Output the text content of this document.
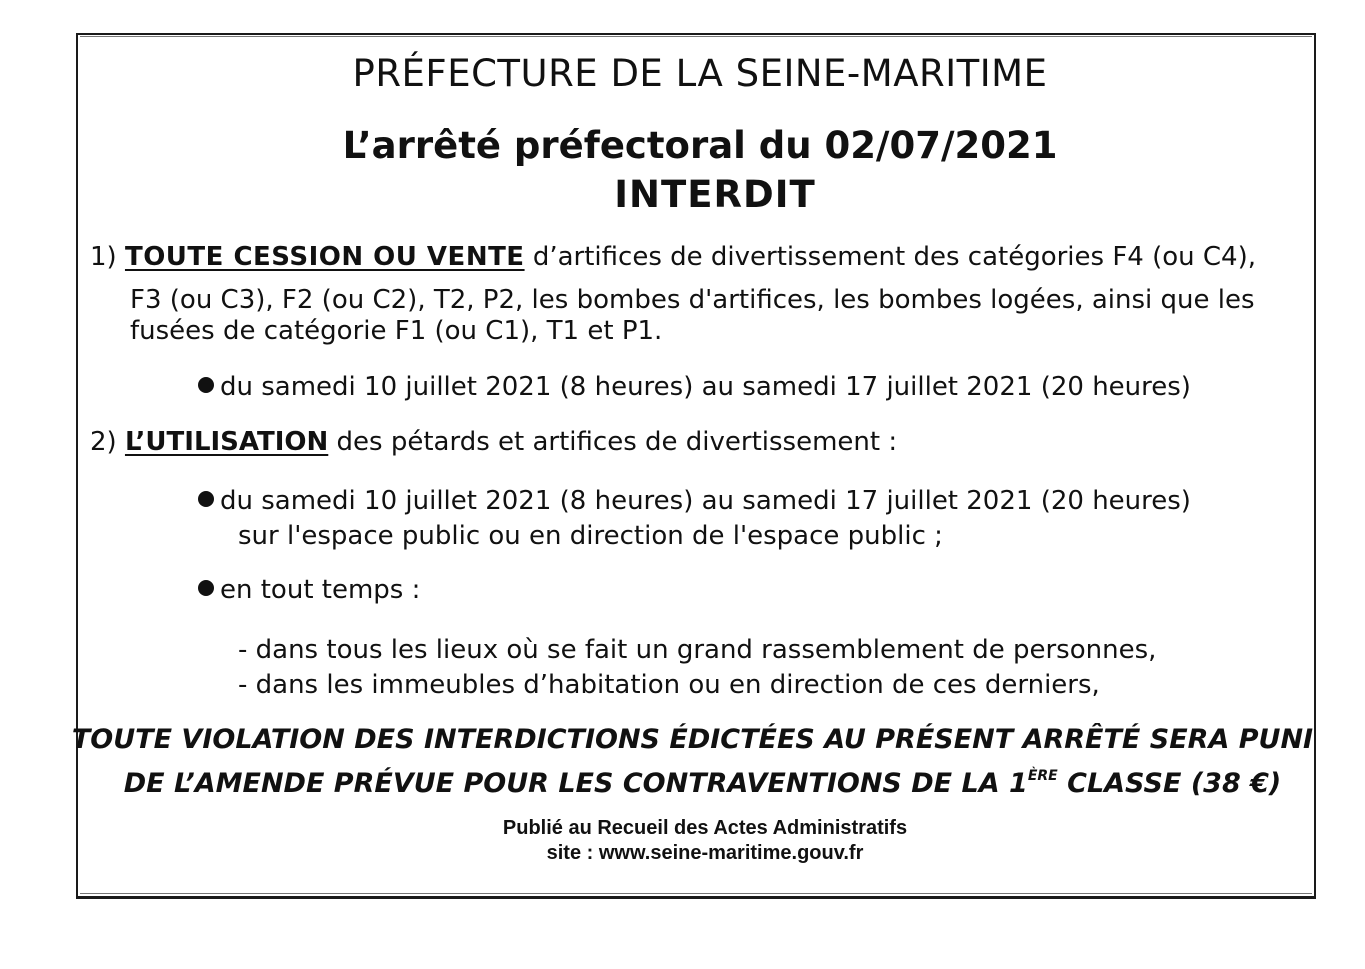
PRÉFECTURE DE LA SEINE-MARITIME
L’arrêté préfectoral du 02/07/2021
INTERDIT
1) TOUTE CESSION OU VENTE d’artifices de divertissement des catégories F4 (ou C4),
F3 (ou C3), F2 (ou C2), T2, P2, les bombes d'artifices, les bombes logées, ainsi que les
fusées de catégorie F1 (ou C1), T1 et P1.
du samedi 10 juillet 2021 (8 heures) au samedi 17 juillet 2021 (20 heures)
2) L’UTILISATION des pétards et artifices de divertissement :
du samedi 10 juillet 2021 (8 heures) au samedi 17 juillet 2021 (20 heures)
sur l'espace public ou en direction de l'espace public ;
en tout temps :
- dans tous les lieux où se fait un grand rassemblement de personnes,
- dans les immeubles d’habitation ou en direction de ces derniers,
TOUTE VIOLATION DES INTERDICTIONS ÉDICTÉES AU PRÉSENT ARRÊTÉ SERA PUNI
DE L’AMENDE PRÉVUE POUR LES CONTRAVENTIONS DE LA 1ÈRE CLASSE (38 €)
Publié au Recueil des Actes Administratifs
site : www.seine-maritime.gouv.fr
